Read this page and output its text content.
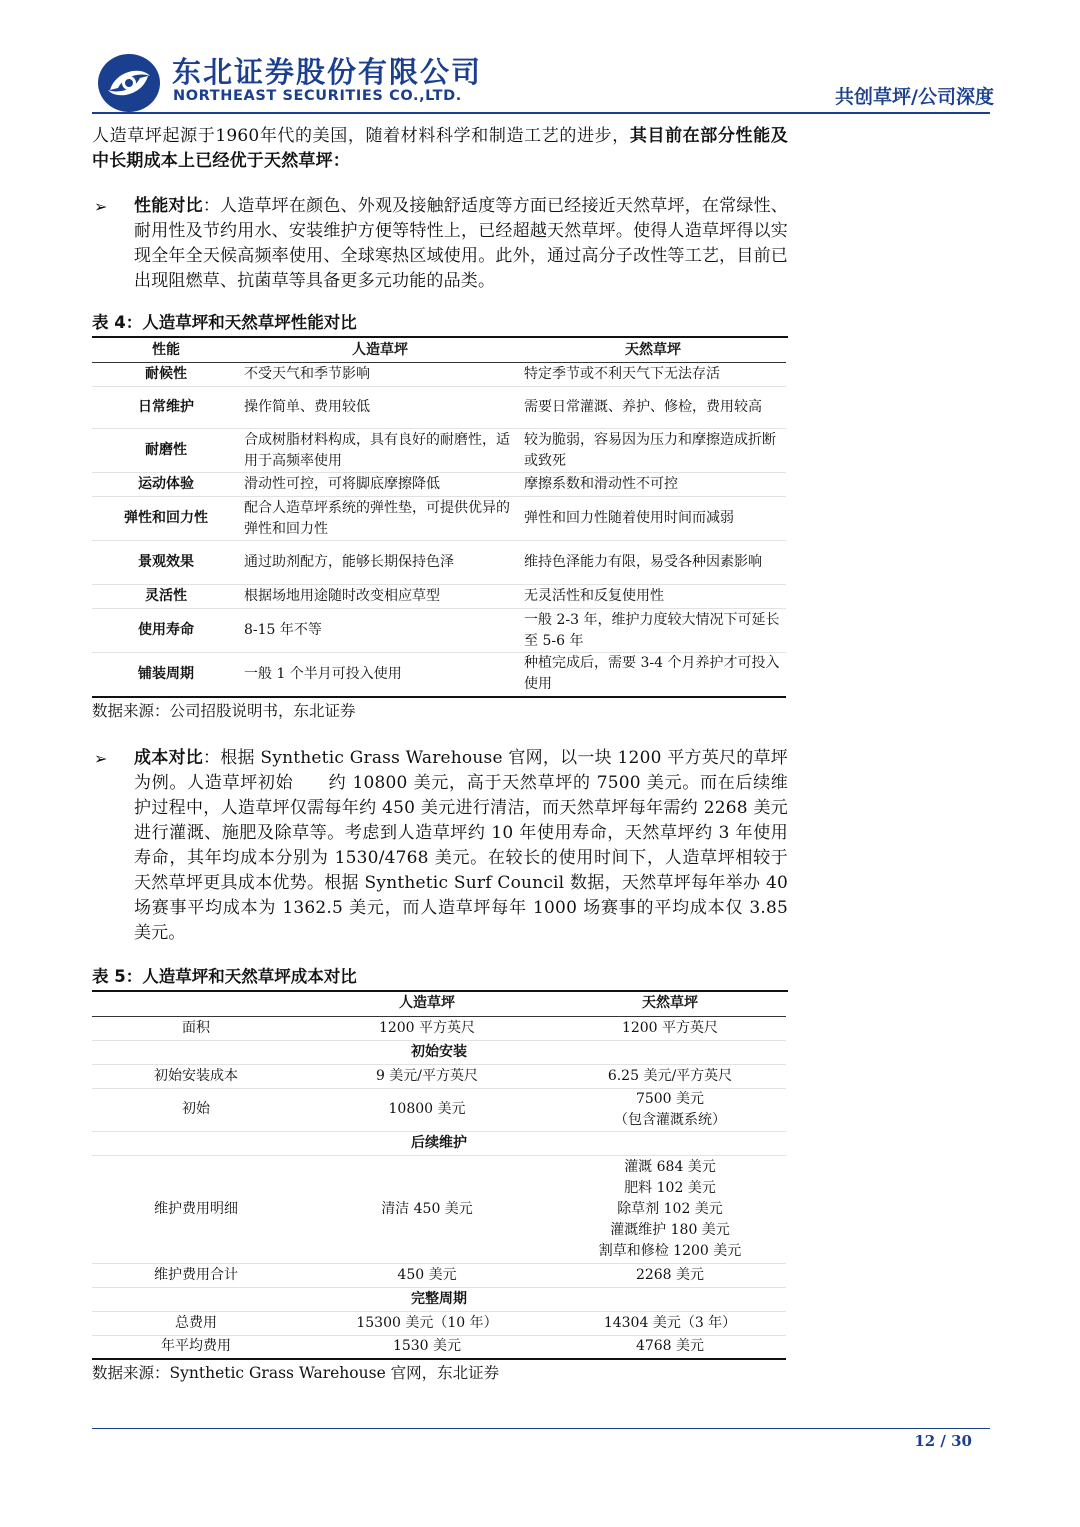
东北证券股份有限公司
NORTHEAST SECURITIES CO.,LTD.	共创草坪/公司深度

人造草坪起源于1960年代的美国，随着材料科学和制造工艺的进步，其目前在部分性能及中长期成本上已经优于天然草坪：

➢	性能对比：人造草坪在颜色、外观及接触舒适度等方面已经接近天然草坪，在常绿性、耐用性及节约用水、安装维护方便等特性上，已经超越天然草坪。使得人造草坪得以实现全年全天候高频率使用、全球寒热区域使用。此外，通过高分子改性等工艺，目前已出现阻燃草、抗菌草等具备更多元功能的品类。
表 4：人造草坪和天然草坪性能对比
性能	人造草坪	天然草坪
耐候性	不受天气和季节影响	特定季节或不利天气下无法存活
日常维护	操作简单、费用较低	需要日常灌溉、养护、修检，费用较高
耐磨性	合成树脂材料构成，具有良好的耐磨性，适用于高频率使用	较为脆弱，容易因为压力和摩擦造成折断或致死
运动体验	滑动性可控，可将脚底摩擦降低	摩擦系数和滑动性不可控
弹性和回力性	配合人造草坪系统的弹性垫，可提供优异的弹性和回力性	弹性和回力性随着使用时间而减弱
景观效果	通过助剂配方，能够长期保持色泽	维持色泽能力有限，易受各种因素影响
灵活性	根据场地用途随时改变相应草型	无灵活性和反复使用性
使用寿命	8-15 年不等	一般 2-3 年，维护力度较大情况下可延长至 5-6 年
铺装周期	一般 1 个半月可投入使用	种植完成后，需要 3-4 个月养护才可投入使用

数据来源：公司招股说明书，东北证券

➢	成本对比：根据 Synthetic Grass Warehouse 官网，以一块 1200 平方英尺的草坪为例。人造草坪初始　　约 10800 美元，高于天然草坪的 7500 美元。而在后续维护过程中，人造草坪仅需每年约 450 美元进行清洁，而天然草坪每年需约 2268 美元进行灌溉、施肥及除草等。考虑到人造草坪约 10 年使用寿命，天然草坪约 3 年使用寿命，其年均成本分别为 1530/4768 美元。在较长的使用时间下，人造草坪相较于天然草坪更具成本优势。根据 Synthetic Surf Council 数据，天然草坪每年举办 40 场赛事平均成本为 1362.5 美元，而人造草坪每年 1000 场赛事的平均成本仅 3.85 美元。
表 5：人造草坪和天然草坪成本对比
	人造草坪	天然草坪
面积	1200 平方英尺	1200 平方英尺
初始安装		
初始安装成本	9 美元/平方英尺	6.25 美元/平方英尺
初始	10800 美元	7500 美元
（包含灌溉系统）

后续维护		
维护费用明细	清洁 450 美元	灌溉 684 美元
肥料 102 美元
除草剂 102 美元
灌溉维护 180 美元
割草和修检 1200 美元

维护费用合计	450 美元	2268 美元
完整周期		
总费用	15300 美元（10 年）	14304 美元（3 年）
年平均费用	1530 美元	4768 美元

数据来源：Synthetic Grass Warehouse 官网，东北证券

12 / 30
